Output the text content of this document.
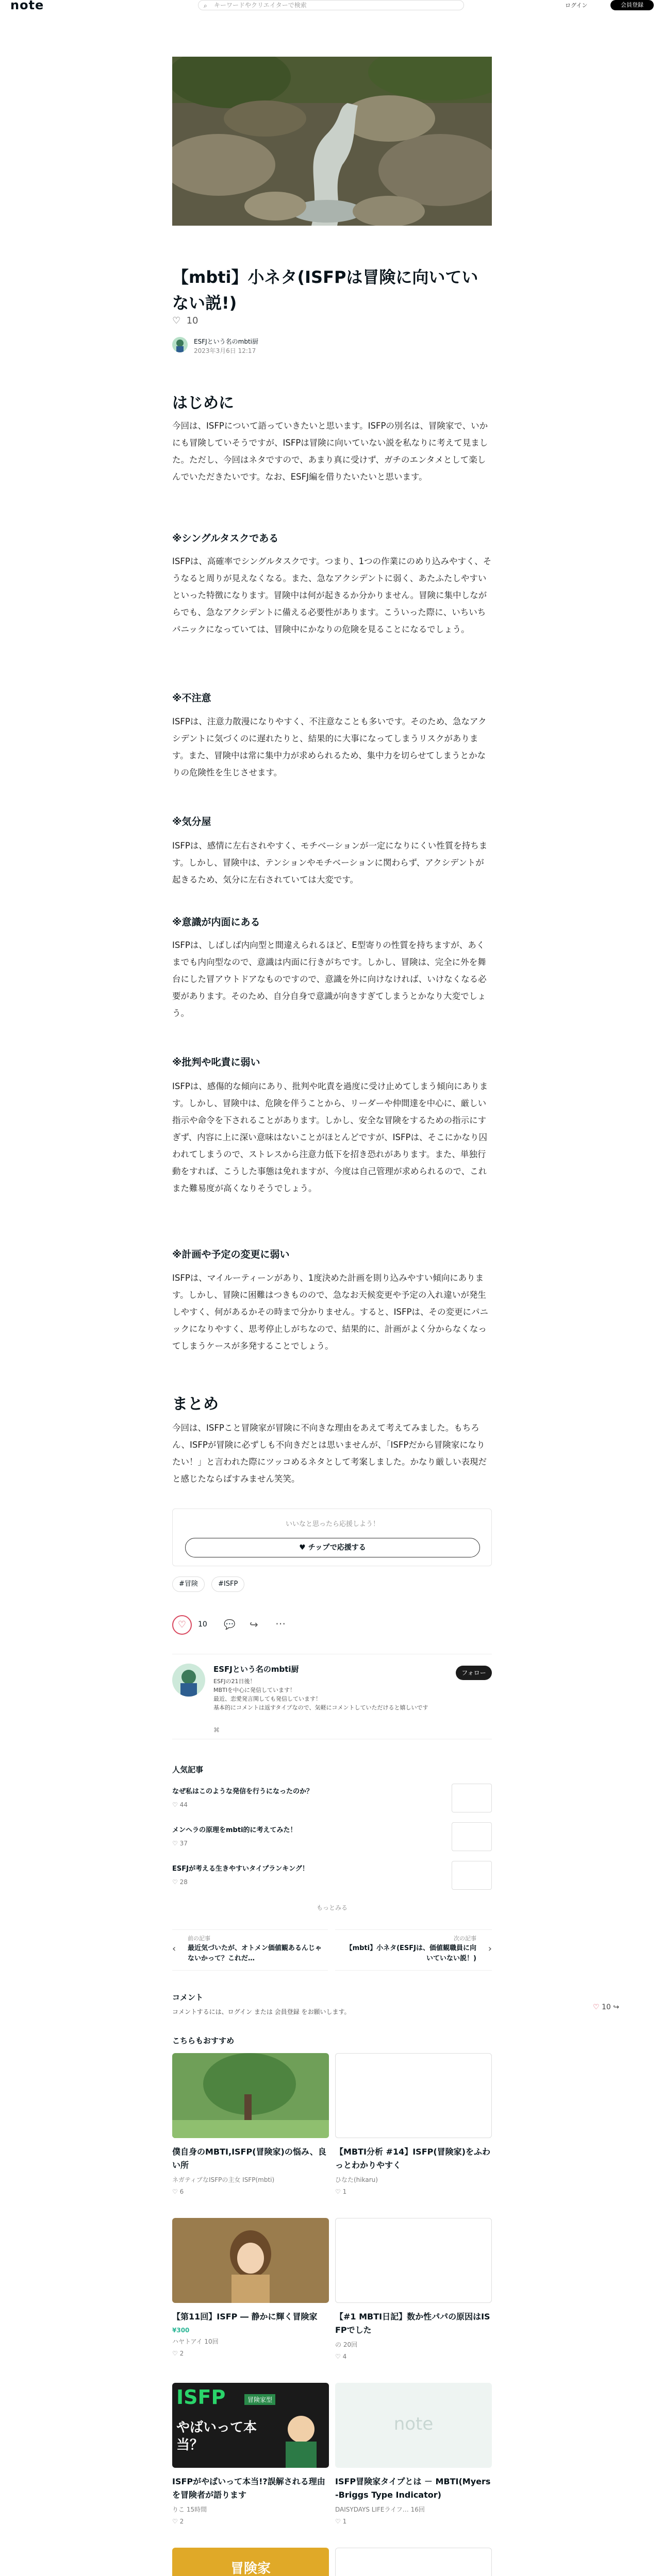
note	⌕ キーワードやクリエイターで検索	ログイン	会員登録
【mbti】小ネタ(ISFPは冒険に向いていない説!)
♡ 10
ESFJという名のmbti厨
2023年3月6日 12:17
はじめに
今回は、ISFPについて語っていきたいと思います。ISFPの別名は、冒険家で、いかにも冒険していそうですが、ISFPは冒険に向いていない説を私なりに考えて見ました。ただし、今回はネタですので、あまり真に受けず、ガチのエンタメとして楽しんでいただきたいです。なお、ESFJ編を借りたいたいと思います。
※シングルタスクである
ISFPは、高確率でシングルタスクです。つまり、1つの作業にのめり込みやすく、そうなると周りが見えなくなる。また、急なアクシデントに弱く、あたふたしやすいといった特徴になります。冒険中は何が起きるか分かりません。冒険に集中しながらでも、急なアクシデントに備える必要性があります。こういった際に、いちいちパニックになっていては、冒険中にかなりの危険を見ることになるでしょう。
※不注意
ISFPは、注意力散漫になりやすく、不注意なことも多いです。そのため、急なアクシデントに気づくのに遅れたりと、結果的に大事になってしまうリスクがあります。また、冒険中は常に集中力が求められるため、集中力を切らせてしまうとかなりの危険性を生じさせます。
※気分屋
ISFPは、感情に左右されやすく、モチベーションが一定になりにくい性質を持ちます。しかし、冒険中は、テンションやモチベーションに関わらず、アクシデントが起きるため、気分に左右されていては大変です。
※意識が内面にある
ISFPは、しばしば内向型と間違えられるほど、E型寄りの性質を持ちますが、あくまでも内向型なので、意識は内面に行きがちです。しかし、冒険は、完全に外を舞台にした冒アウトドアなものですので、意識を外に向けなければ、いけなくなる必要があります。そのため、自分自身で意識が向きすぎてしまうとかなり大変でしょう。
※批判や叱責に弱い
ISFPは、感傷的な傾向にあり、批判や叱責を過度に受け止めてしまう傾向にあります。しかし、冒険中は、危険を伴うことから、リーダーや仲間達を中心に、厳しい指示や命令を下されることがあります。しかし、安全な冒険をするための指示にすぎず、内容に上に深い意味はないことがほとんどですが、ISFPは、そこにかなり囚われてしまうので、ストレスから注意力低下を招き恐れがあります。また、単独行動をすれば、こうした事態は免れますが、今度は自己管理が求められるので、これまた難易度が高くなりそうでしょう。
※計画や予定の変更に弱い
ISFPは、マイルーティーンがあり、1度決めた計画を則り込みやすい傾向にあります。しかし、冒険に困難はつきものので、急なお天候変更や予定の入れ違いが発生しやすく、何があるかその時まで分かりません。すると、ISFPは、その変更にパニックになりやすく、思考停止しがちなので、結果的に、計画がよく分からなくなってしまうケースが多発することでしょう。
まとめ
今回は、ISFPこと冒険家が冒険に不向きな理由をあえて考えてみました。もちろん、ISFPが冒険に必ずしも不向きだとは思いませんが、「ISFPだから冒険家になりたい！」と言われた際にツッコめるネタとして考案しました。かなり厳しい表現だと感じたならばすみません笑笑。
いいなと思ったら応援しよう！
♥ チップで応援する
#冒険	#ISFP
♡	10 💬 ↪ ⋯
ESFJという名のmbti厨
ESFJの21日後！
MBTIを中心に発信しています！
最近、恋愛発言関しても発信しています！
基本的にコメントは返すタイプなので、気軽にコメントしていただけると嬉しいです
⌘
フォロー
人気記事
なぜ私はこのような発信を行うになったのか？
♡ 44
メンヘラの原理をmbti的に考えてみた！
♡ 37
ESFJが考える生きやすいタイプランキング！
♡ 28
もっとみる
‹
前の記事
最近気づいたが、オトメン価値観あるんじゃないかって？これだ…
次の記事
【mbti】小ネタ(ESFJは、価値観職員に向いていない説！)
›
コメント
コメントするには、ログイン または 会員登録 をお願いします。
♡ 10 ↪
こちらもおすすめ
僕自身のMBTI,ISFP(冒険家)の悩み、良い所
ネガティブなISFPの主女 ISFP(mbti)
♡ 6
【MBTI分析 #14】ISFP(冒険家)をふわっとわかりやすく
ひなた(hikaru)
♡ 1
【第11回】ISFP ― 静かに輝く冒険家
¥300
ハヤトアイ 10回
♡ 2
【#1 MBTI日記】数か性パパの原因はISFPでした
の 20回
♡ 4
ISFP	冒険家型
やばいって本当？
ISFPがやばいって本当!?誤解される理由を冒険者が語ります
りこ 15時間
♡ 2
note
ISFP冒険家タイプとは － MBTI(Myers-Briggs Type Indicator)
DAISYDAYS LIFEライフ… 16回
♡ 1
冒険家
